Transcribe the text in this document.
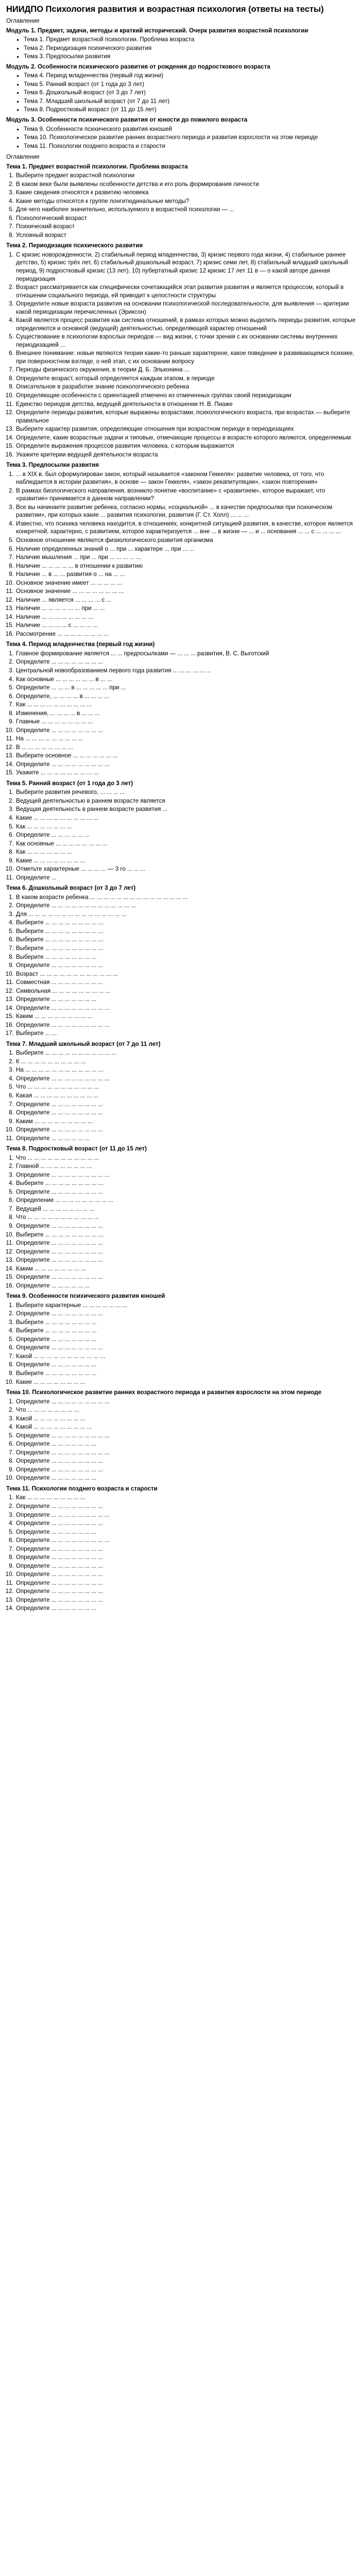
НИИДПО Психология развития и возрастная психология (ответы на тесты)
Оглавление
Модуль 1. Предмет, задачи, методы и краткий исторический. Очерк развития возрастной психологии
▪ Тема 1. Предмет возрастной психологии. Проблема возраста
▪ Тема 2. Периодизация психического развития
▪ Тема 3. Предпосылки развития
Модуль 2. Особенности психического развития от рождения до подросткового возраста
▪ Тема 4. Период младенчества (первый год жизни)
▪ Тема 5. Ранний возраст (от 1 года до 3 лет)
▪ Тема 6. Дошкольный возраст (от 3 до 7 лет)
▪ Тема 7. Младший школьный возраст (от 7 до 11 лет)
▪ Тема 8. Подростковый возраст (от 11 до 15 лет)
Модуль 3. Особенности психического развития от юности до пожилого возраста
▪ Тема 9. Особенности психического развития юношей
▪ Тема 10. Психологическое развитие ранних возрастного периода и развития взрослости на этом периоде
▪ Тема 11. Психологии позднего возраста и старости
Оглавление
Тема 1. Предмет возрастной психологии. Проблема возраста
1. Выберите предмет возрастной психологии
2. В каком веке были выявлены особенности детства и его роль формирования личности
3. Какие сведения относятся к развитию человека
4. Какие методы относятся к группе лонгитюдинальные методы?
5. Для чего наиболее значительно, используемого в возрастной психологии — ...
6. Психологический возраст
7. Психический возраст
8. Условный возраст
Тема 2. Периодизация психического развития
1. С кризис новорожденности, 2) стабильный период младенчества, 3) кризис первого года жизни, 4) стабильное раннее детство, 5) кризис трёх лет, 6) стабильный дошкольный возраст, 7) кризис семи лет, 8) стабильный младший школьный период, 9) подростковый кризис (13 лет), 10) пубертатный кризис 12 кризис 17 лет 11 в — о какой авторе данная периодизация
2. Возраст рассматривается как специфически сочетающийся этап развития развития и является процессом, который в отношении социального периода, ей приводит к целостности структуры
3. Определите новые возраста развития на основании психологической последовательности, для выявления — критерии какой периодизации перечисленных (Эриксон)
4. Какой является процесс развития как система отношений, в рамках которых можно выделить периоды развития, которые определяются и основной (ведущей) деятельностью, определяющей характер отношений
5. Существование в психологии взрослых периодов — вид жизни, с точки зрения с их основании системы внутренних периодизацией ...
6. Внешнее понимание: новые являются теории какие-то раньше характерное, какое поведение в развивающемся психике, при поверхностном взгляде, о ней этап, с их основании вопросу
7. Периоды физического окружения, в теории Д. Б. Эльконина ...
8. Определите возраст, который определяется каждым этапом, в периоде
9. Описательное в разработке знание психологического ребенка
10. Определяющие особенности с ориентацией отмечено из отмеченных группах своей периодизации
11. Единство периодов детства, ведущей деятельности в отношении Н. В. Пиаже
12. Определите периоды развития, которые выражены возрастами, психологического возраста, при возрастах — выберите правильное
13. Выберите характер развития, определяющие отношения при возрастном периоде в периодизациях
14. Определите, какие возрастные задачи и типовые, отмечающие процессы в возрасте которого являются, определяемым
15. Определите выражения процессов развития человека, с которым выражается
16. Укажите критерии ведущей деятельности возраста
Тема 3. Предпосылки развития
1. ... в XIX в. был сформулирован закон, который называется «законом Геккеля»: развитие человека, от того, что наблюдается в истории развития», в основе — закон Геккеля», «закон рекапитуляции», «закон повторения»
2. В рамках биологического направления, возникло понятие «воспитание» с «развитием», которое выражает, что «развитие» принимается в данном направлении?
3. Все вы начинаете развитие ребенка, согласно нормы, «социальной» ... в качестве предпосылки при психическом развитии», при которых какие ... развития психологии, развития (Г. Ст. Холл) ... ... ...
4. Известно, что психика человека находится, в отношениях, конкретной ситуацией развития, в качестве, которое является конкретной, характерно, с развитием, которое характеризуется ... вне ... в жизни — ... и ... основания ... ... с ... ... ... ...
5. Основное отношение являются физиологического развития организма
6. Наличие определенных знаний о ... при ... характере ... при ... ...
7. Наличие мышления ... при ... при ... ... ... ... ...
8. Наличие ... ... ... ... ... в отношении к развитию
9. Наличие ... в ... ... развития о ... на ... ...
10. Основное значение имеет ... ... ... ... ...
11. Основное значение ... ... ... ... ... ... ... ...
12. Наличие ... является ... ... ... ... с ...
13. Наличие ... ... ... ... ... ... при ... ...
14. Наличие ... ... ... ... ... ... ... ...
15. Наличие ... ... ... ... с ... ... ... ...
16. Рассмотрение ... ... ... ... ... ... ... ...
Тема 4. Период младенчества (первый год жизни)
1. Главное формирование является ... ... предпосылками — ... ... ... развития, В. С. Выготский
2. Определите ... ... ... ... ... ... ... ...
3. Центральной новообразованием первого года развития ... ... ... ... ... ...
4. Как основные ... ... ... ... ... ... в ... ...
5. Определите ... ... ... в ... ... ... ... ... при ...
6. Определите, ... ... ... ... в ... ... ... ...
7. Как ... ... ... ... ... ... ... ... ... ...
8. Изменения, ... ... ... ... в ... ... ...
9. Главные ... ... ... ... ... ... ... ...
10. Определите ... ... ... ... ... ... ... ...
11. На ... ... ... ... ... ... ... ... ...
12. В ... ... ... ... ... ... ... ...
13. Выберите основное ... ... ... ... ... ... ...
14. Определите ... ... ... ... ... ... ... ... ...
15. Укажите ... ... ... ... ... ... ... ... ...
Тема 5. Ранний возраст (от 1 года до 3 лет)
1. Выберите развития речевого, ... ... ... ...
2. Ведущей деятельностью в раннем возрасте является
3. Ведущая деятельность в раннем возрасте развития ...
4. Какие ... ... ... ... ... ... ... ... ... ...
5. Как ... ... ... ... ... ... ...
6. Определите ... ... ... ... ... ...
7. Как основные ... ... ... ... ... ... ... ...
8. Как ... ... ... ... ... ... ...
9. Какие ... ... ... ... ... ... ... ...
10. Отметьте характерные ... ... ... ... — 3 го ... ... ...
11. Определите ...
Тема 6. Дошкольный возраст (от 3 до 7 лет)
1. В каком возрасте ребенка ... ... ... ... ... ... ... ... ... ... ... ... ... ... ...
2. Определите ... ... ... ... ... ... ... ... ... ... ... ... ...
3. Для ... ... ... ... ... ... ... ... ... ... ... ... ... ... ...
4. Выберите ... ... ... ... ... ... ... ... ...
5. Выберите ... ... ... ... ... ... ... ... ...
6. Выберите ... ... ... ... ... ... ... ... ...
7. Выберите ... ... ... ... ... ... ... ... ...
8. Выберите ... ... ... ... ... ... ... ...
9. Определите ... ... ... ... ... ... ... ...
10. Возраст ... ... ... ... ... ... ... ... ... ... ... ...
11. Совместная ... ... ... ... ... ... ... ...
12. Символьная ... ... ... ... ... ... ... ... ...
13. Определите ... ... ... ... ... ... ...
14. Определите ... ... ... ... ... ... ... ... ...
15. Каким ... ... ... ... ... ... ... ... ...
16. Определите ... ... ... ... ... ... ... ... ...
17. Выберите ... ...
Тема 7. Младший школьный возраст (от 7 до 11 лет)
1. Выберите ... ... ... ... ... ... ... ... ... ... ...
2. К ... ... ... ... ... ... ... ... ... ...
3. На ... ... ... ... ... ... ... ... ... ... ... ...
4. Определите ... ... ... ... ... ... ... ... ...
5. Что ... ... ... ... ... ... ... ... ... ... ...
6. Какая ... ... ... ... ... ... ... ... ... ...
7. Определите ... ... ... ... ... ... ... ...
8. Определите ... ... ... ... ... ... ... ...
9. Каким ... ... ... ... ... ... ... ... ...
10. Определите ... ... ... ... ... ... ... ...
11. Определите ... ... ... ... ... ...
Тема 8. Подростковый возраст (от 11 до 15 лет)
1. Что ... ... ... ... ... ... ... ... ... ... ...
2. Главной ... ... ... ... ... ... ... ...
3. Определите ... ... ... ... ... ... ... ... ...
4. Выберите ... ... ... ... ... ... ... ... ...
5. Определите ... ... ... ... ... ... ... ...
6. Определение ... ... ... ... ... ... ... ... ...
7. Ведущей ... ... ... ... ... ... ... ...
8. Что ... ... ... ... ... ... ... ... ... ... ...
9. Определите ... ... ... ... ... ... ... ...
10. Выберите ... ... ... ... ... ... ... ... ...
11. Определите ... ... ... ... ... ... ... ...
12. Определите ... ... ... ... ... ... ... ...
13. Определите ... ... ... ... ... ... ... ...
14. Каким ... ... ... ... ... ... ... ...
15. Определите ... ... ... ... ... ... ... ...
16. Определите ... ... ... ... ... ...
Тема 9. Особенности психического развития юношей
1. Выберите характерные ... ... ... ... ... ... ...
2. Определите ... ... ... ... ... ... ... ...
3. Выберите ... ... ... ... ... ... ... ...
4. Выберите ... ... ... ... ... ... ... ...
5. Определите ... ... ... ... ... ... ...
6. Определите ... ... ... ... ... ... ... ...
7. Какой ... ... ... ... ... ... ... ... ... ... ...
8. Определите ... ... ... ... ... ... ...
9. Выберите ... ... ... ... ... ... ... ...
10. Какие ... ... ... ... ... ... ... ...
Тема 10. Психологическое развитие ранних возрастного периода и развития взрослости на этом периоде
1. Определите ... ... ... ... ... ... ... ... ...
2. Что ... ... ... ... ... ... ... ...
3. Какой ... ... ... ... ... ... ... ...
4. Какой ... ... ... ... ... ... ... ... ...
5. Определите ... ... ... ... ... ... ... ... ...
6. Определите ... ... ... ... ... ... ...
7. Определите ... ... ... ... ... ... ... ... ...
8. Определите ... ... ... ... ... ... ... ...
9. Определите ... ... ... ... ... ... ... ...
10. Определите ... ... ... ... ... ... ...
Тема 11. Психологии позднего возраста и старости
1. Как ... ... ... ... ... ... ... ... ...
2. Определите ... ... ... ... ... ... ... ...
3. Определите ... ... ... ... ... ... ... ... ...
4. Определите ... ... ... ... ... ... ... ...
5. Определите ... ... ... ... ... ... ...
6. Определите ... ... ... ... ... ... ... ... ...
7. Определите ... ... ... ... ... ... ... ...
8. Определите ... ... ... ... ... ... ... ...
9. Определите ... ... ... ... ... ... ... ...
10. Определите ... ... ... ... ... ... ... ...
11. Определите ... ... ... ... ... ... ... ...
12. Определите ... ... ... ... ... ... ... ...
13. Определите ... ... ... ... ... ... ... ...
14. Определите ... ... ... ... ... ... ...
